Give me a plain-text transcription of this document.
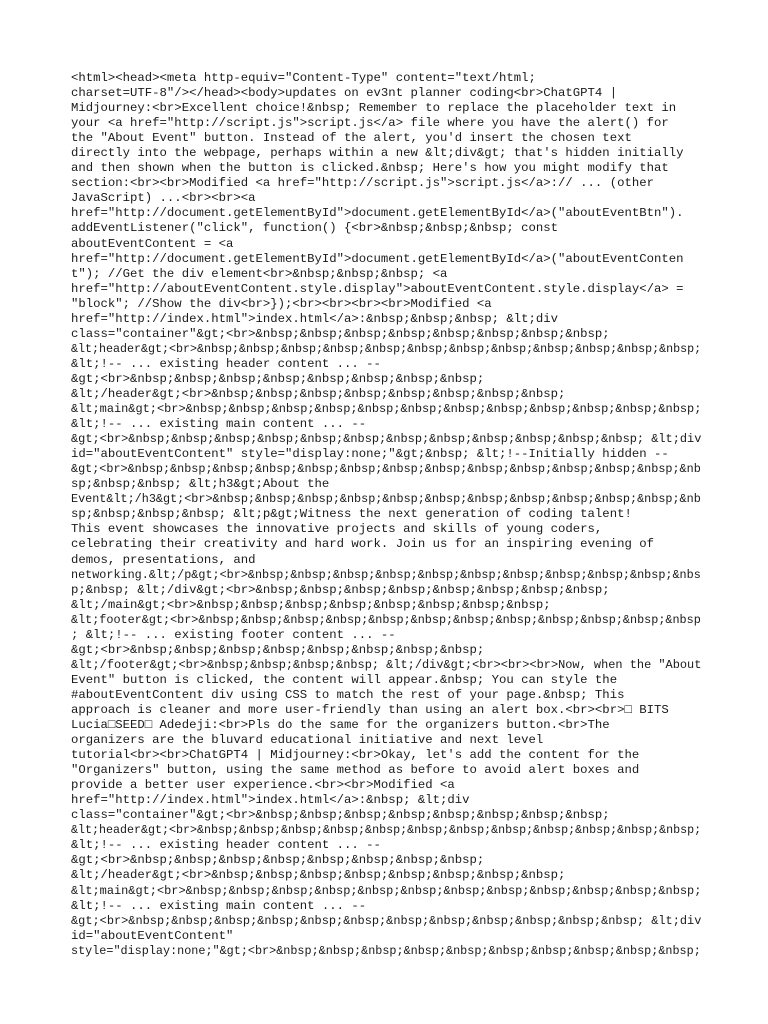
<html><head><meta http-equiv="Content-Type" content="text/html;
charset=UTF-8"/></head><body>updates on ev3nt planner coding<br>ChatGPT4 |
Midjourney:<br>Excellent choice!&nbsp; Remember to replace the placeholder text in
your <a href="http://script.js">script.js</a> file where you have the alert() for
the "About Event" button. Instead of the alert, you'd insert the chosen text
directly into the webpage, perhaps within a new &lt;div&gt; that's hidden initially
and then shown when the button is clicked.&nbsp; Here's how you might modify that
section:<br><br>Modified <a href="http://script.js">script.js</a>:// ... (other
JavaScript) ...<br><br><a
href="http://document.getElementById">document.getElementById</a>("aboutEventBtn").
addEventListener("click", function() {<br>&nbsp;&nbsp;&nbsp; const
aboutEventContent = <a
href="http://document.getElementById">document.getElementById</a>("aboutEventConten
t"); //Get the div element<br>&nbsp;&nbsp;&nbsp; <a
href="http://aboutEventContent.style.display">aboutEventContent.style.display</a> =
"block"; //Show the div<br>});<br><br><br><br>Modified <a
href="http://index.html">index.html</a>:&nbsp;&nbsp;&nbsp; &lt;div
class="container"&gt;<br>&nbsp;&nbsp;&nbsp;&nbsp;&nbsp;&nbsp;&nbsp;&nbsp;
&lt;header&gt;<br>&nbsp;&nbsp;&nbsp;&nbsp;&nbsp;&nbsp;&nbsp;&nbsp;&nbsp;&nbsp;&nbsp;&nbsp;
&lt;!-- ... existing header content ... --
&gt;<br>&nbsp;&nbsp;&nbsp;&nbsp;&nbsp;&nbsp;&nbsp;&nbsp;
&lt;/header&gt;<br>&nbsp;&nbsp;&nbsp;&nbsp;&nbsp;&nbsp;&nbsp;&nbsp;
&lt;main&gt;<br>&nbsp;&nbsp;&nbsp;&nbsp;&nbsp;&nbsp;&nbsp;&nbsp;&nbsp;&nbsp;&nbsp;&nbsp;
&lt;!-- ... existing main content ... --
&gt;<br>&nbsp;&nbsp;&nbsp;&nbsp;&nbsp;&nbsp;&nbsp;&nbsp;&nbsp;&nbsp;&nbsp;&nbsp; &lt;div
id="aboutEventContent" style="display:none;"&gt;&nbsp; &lt;!--Initially hidden --
&gt;<br>&nbsp;&nbsp;&nbsp;&nbsp;&nbsp;&nbsp;&nbsp;&nbsp;&nbsp;&nbsp;&nbsp;&nbsp;&nbsp;&nb
sp;&nbsp;&nbsp; &lt;h3&gt;About the
Event&lt;/h3&gt;<br>&nbsp;&nbsp;&nbsp;&nbsp;&nbsp;&nbsp;&nbsp;&nbsp;&nbsp;&nbsp;&nbsp;&nb
sp;&nbsp;&nbsp;&nbsp; &lt;p&gt;Witness the next generation of coding talent!
This event showcases the innovative projects and skills of young coders,
celebrating their creativity and hard work. Join us for an inspiring evening of
demos, presentations, and
networking.&lt;/p&gt;<br>&nbsp;&nbsp;&nbsp;&nbsp;&nbsp;&nbsp;&nbsp;&nbsp;&nbsp;&nbsp;&nbs
p;&nbsp; &lt;/div&gt;<br>&nbsp;&nbsp;&nbsp;&nbsp;&nbsp;&nbsp;&nbsp;&nbsp;
&lt;/main&gt;<br>&nbsp;&nbsp;&nbsp;&nbsp;&nbsp;&nbsp;&nbsp;&nbsp;
&lt;footer&gt;<br>&nbsp;&nbsp;&nbsp;&nbsp;&nbsp;&nbsp;&nbsp;&nbsp;&nbsp;&nbsp;&nbsp;&nbsp
; &lt;!-- ... existing footer content ... --
&gt;<br>&nbsp;&nbsp;&nbsp;&nbsp;&nbsp;&nbsp;&nbsp;&nbsp;
&lt;/footer&gt;<br>&nbsp;&nbsp;&nbsp;&nbsp; &lt;/div&gt;<br><br><br>Now, when the "About
Event" button is clicked, the content will appear.&nbsp; You can style the
#aboutEventContent div using CSS to match the rest of your page.&nbsp; This
approach is cleaner and more user-friendly than using an alert box.<br><br>□ BITS
Lucia□SEED□ Adedeji:<br>Pls do the same for the organizers button.<br>The
organizers are the bluvard educational initiative and next level
tutorial<br><br>ChatGPT4 | Midjourney:<br>Okay, let's add the content for the
"Organizers" button, using the same method as before to avoid alert boxes and
provide a better user experience.<br><br>Modified <a
href="http://index.html">index.html</a>:&nbsp; &lt;div
class="container"&gt;<br>&nbsp;&nbsp;&nbsp;&nbsp;&nbsp;&nbsp;&nbsp;&nbsp;
&lt;header&gt;<br>&nbsp;&nbsp;&nbsp;&nbsp;&nbsp;&nbsp;&nbsp;&nbsp;&nbsp;&nbsp;&nbsp;&nbsp;
&lt;!-- ... existing header content ... --
&gt;<br>&nbsp;&nbsp;&nbsp;&nbsp;&nbsp;&nbsp;&nbsp;&nbsp;
&lt;/header&gt;<br>&nbsp;&nbsp;&nbsp;&nbsp;&nbsp;&nbsp;&nbsp;&nbsp;
&lt;main&gt;<br>&nbsp;&nbsp;&nbsp;&nbsp;&nbsp;&nbsp;&nbsp;&nbsp;&nbsp;&nbsp;&nbsp;&nbsp;
&lt;!-- ... existing main content ... --
&gt;<br>&nbsp;&nbsp;&nbsp;&nbsp;&nbsp;&nbsp;&nbsp;&nbsp;&nbsp;&nbsp;&nbsp;&nbsp; &lt;div
id="aboutEventContent"
style="display:none;"&gt;<br>&nbsp;&nbsp;&nbsp;&nbsp;&nbsp;&nbsp;&nbsp;&nbsp;&nbsp;&nbsp;
